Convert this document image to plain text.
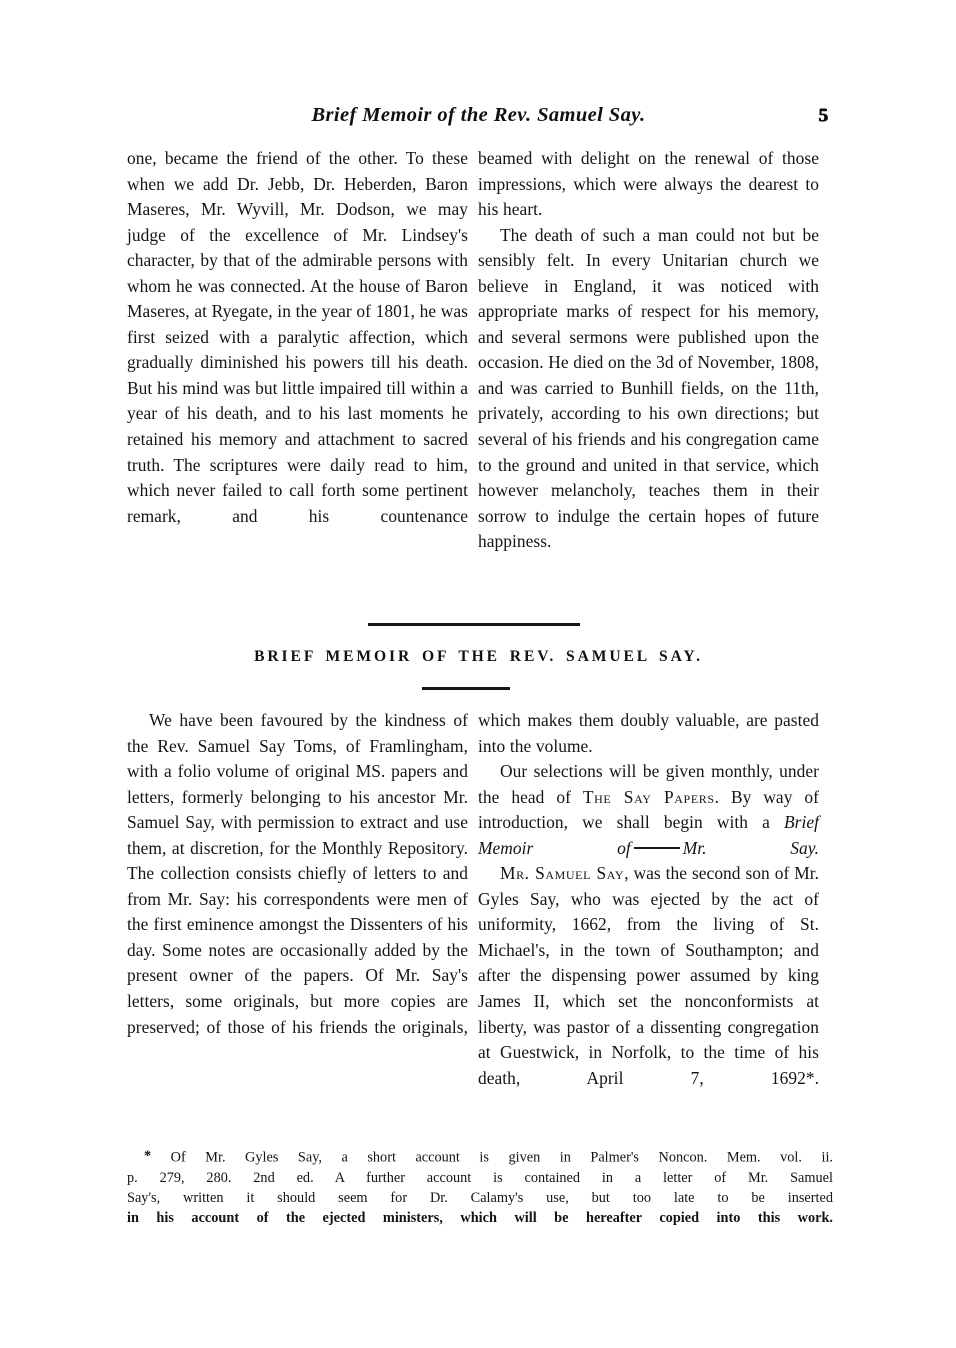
Brief Memoir of the Rev. Samuel Say.	5

one, became the friend of the other. To these when we add Dr. Jebb, Dr. Heberden, Baron Maseres, Mr. Wyvill, Mr. Dodson, we may judge of the excellence of Mr. Lindsey's character, by that of the admirable persons with whom he was connected. At the house of Baron Maseres, at Ryegate, in the year of 1801, he was first seized with a paralytic affection, which gradually diminished his powers till his death. But his mind was but little impaired till within a year of his death, and to his last moments he retained his memory and attachment to sacred truth. The scriptures were daily read to him, which never failed to call forth some pertinent remark, and his countenance

beamed with delight on the renewal of those impressions, which were always the dearest to his heart.

The death of such a man could not but be sensibly felt. In every Unitarian church we believe in England, it was noticed with appropriate marks of respect for his memory, and several sermons were published upon the occasion. He died on the 3d of November, 1808, and was carried to Bunhill fields, on the 11th, privately, according to his own directions; but several of his friends and his congregation came to the ground and united in that service, which however melancholy, teaches them in their sorrow to indulge the certain hopes of future happiness.

BRIEF MEMOIR OF THE REV. SAMUEL SAY.

We have been favoured by the kindness of the Rev. Samuel Say Toms, of Framlingham, with a folio volume of original MS. papers and letters, formerly belonging to his ancestor Mr. Samuel Say, with permission to extract and use them, at discretion, for the Monthly Repository. The collection consists chiefly of letters to and from Mr. Say: his correspondents were men of the first eminence amongst the Dissenters of his day. Some notes are occasionally added by the present owner of the papers. Of Mr. Say's letters, some originals, but more copies are preserved; of those of his friends the originals,

which makes them doubly valuable, are pasted into the volume.

Our selections will be given monthly, under the head of The Say Papers. By way of introduction, we shall begin with a Brief Memoir of	Mr. Say.

Mr. Samuel Say, was the second son of Mr. Gyles Say, who was ejected by the act of uniformity, 1662, from the living of St. Michael's, in the town of Southampton; and after the dispensing power assumed by king James II, which set the nonconformists at liberty, was pastor of a dissenting congregation at Guestwick, in Norfolk, to the time of his death, April 7, 1692*.

* Of Mr. Gyles Say, a short account is given in Palmer's Noncon. Mem. vol. ii.
p. 279, 280. 2nd ed. A further account is contained in a letter of Mr. Samuel
Say's, written it should seem for Dr. Calamy's use, but too late to be inserted
in his account of the ejected ministers, which will be hereafter copied into this work.
